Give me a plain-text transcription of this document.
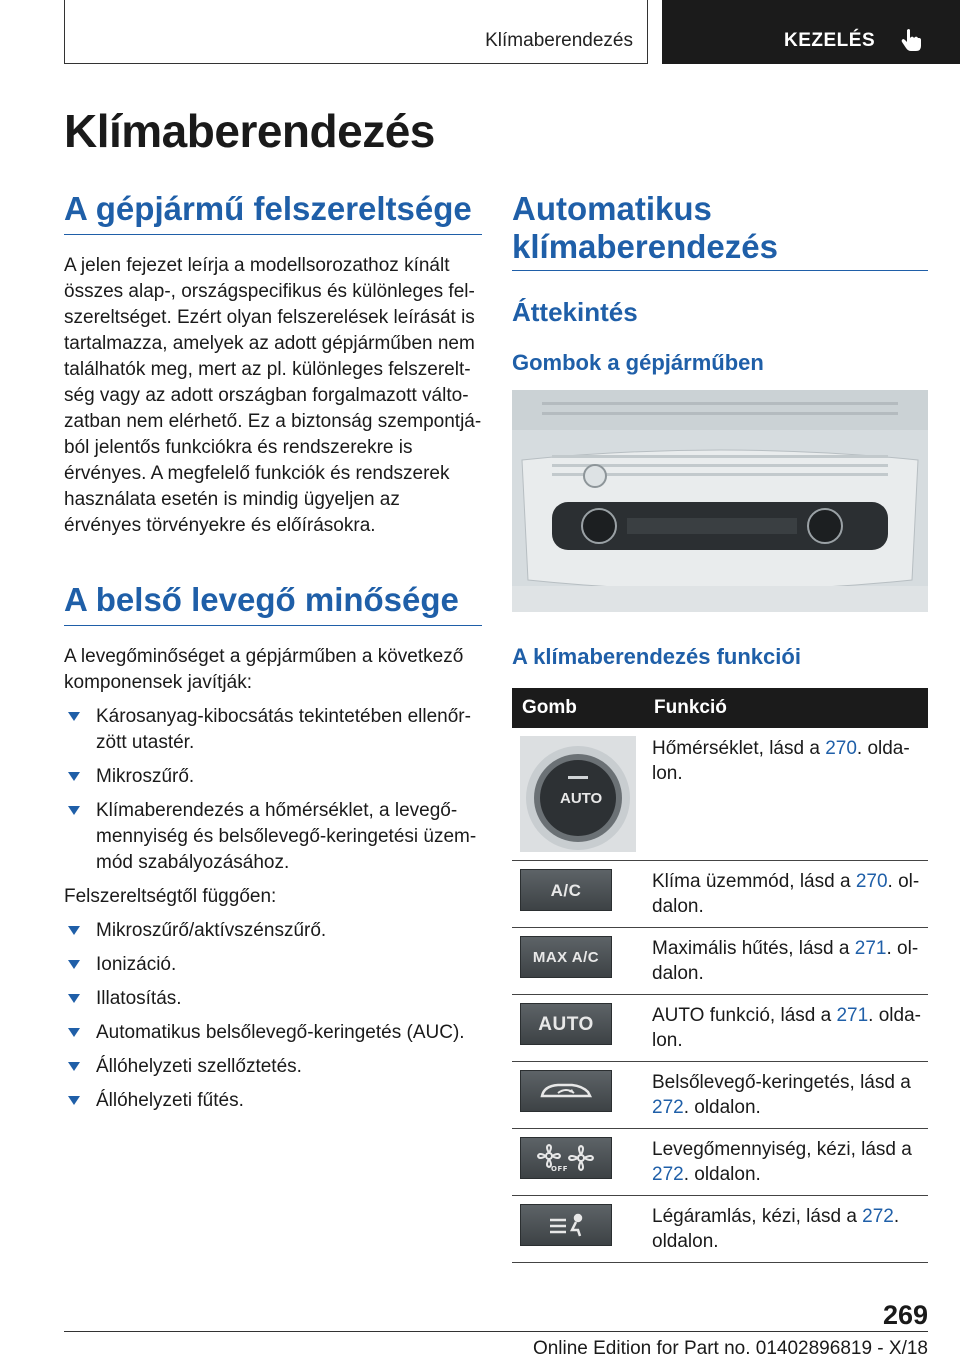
Klímaberendezés	KEZELÉS
Klímaberendezés
A gépjármű felszereltsége

A jelen fejezet leírja a modellsorozathoz kínált összes alap-, országspecifikus és különleges felszereltséget. Ezért olyan felszerelések leírását is tartalmazza, amelyek az adott gépjárműben nem találhatók meg, mert az pl. különleges felszereltség vagy az adott országban forgalmazott változatban nem elérhető. Ez a biztonság szempontjából jelentős funkciókra és rendszerekre is érvényes. A megfelelő funkciók és rendszerek használata esetén is mindig ügyeljen az érvényes törvényekre és előírásokra.

A belső levegő minősége

A levegőminőséget a gépjárműben a következő komponensek javítják:

Károsanyag-kibocsátás tekintetében ellenőrzött utastér.
Mikroszűrő.
Klímaberendezés a hőmérséklet, a levegőmennyiség és belsőlevegő-keringetési üzemmód szabályozásához.

Felszereltségtől függően:

Mikroszűrő/aktívszénszűrő.
Ionizáció.
Illatosítás.
Automatikus belsőlevegő-keringetés (AUC).
Állóhelyzeti szellőztetés.
Állóhelyzeti fűtés.
Automatikus klímaberendezés
Áttekintés
Gombok a gépjárműben
A klímaberendezés funkciói
Gomb	Funkció

AUTO	Hőmérséklet, lásd a 270. oldalon.

A/C	Klíma üzemmód, lásd a 270. oldalon.

MAX A/C	Maximális hűtés, lásd a 271. oldalon.

AUTO	AUTO funkció, lásd a 271. oldalon.

	Belsőlevegő-keringetés, lásd a 272. oldalon.

OFF	Levegőmennyiség, kézi, lásd a 272. oldalon.

	Légáramlás, kézi, lásd a 272. oldalon.
269
Online Edition for Part no. 01402896819 - X/18
